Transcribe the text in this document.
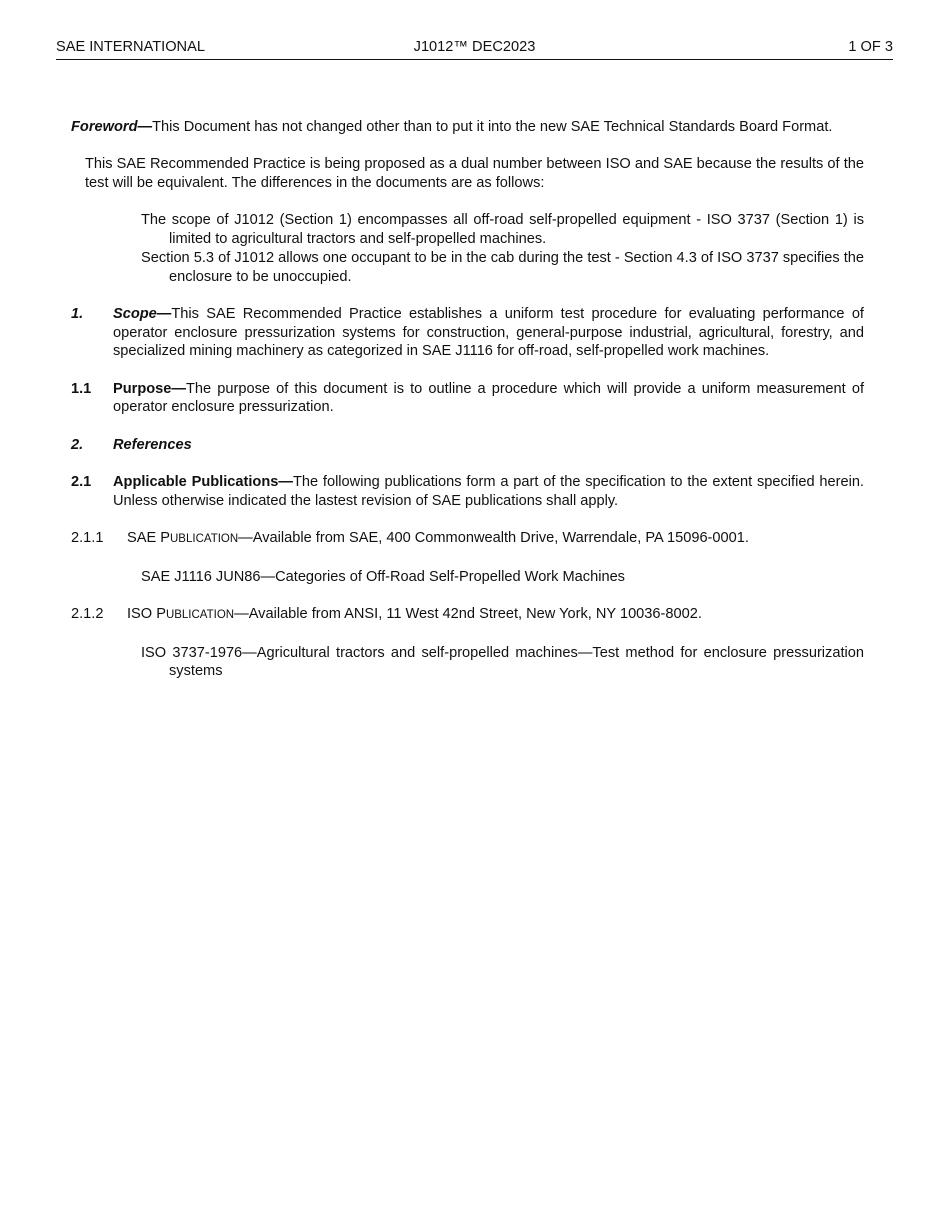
SAE INTERNATIONAL	J1012™ DEC2023	1 OF 3

Foreword—This Document has not changed other than to put it into the new SAE Technical Standards Board Format.

This SAE Recommended Practice is being proposed as a dual number between ISO and SAE because the results of the test will be equivalent. The differences in the documents are as follows:

The scope of J1012 (Section 1) encompasses all off-road self-propelled equipment - ISO 3737 (Section 1) is limited to agricultural tractors and self-propelled machines.
Section 5.3 of J1012 allows one occupant to be in the cab during the test - Section 4.3 of ISO 3737 specifies the enclosure to be unoccupied.
1. Scope—This SAE Recommended Practice establishes a uniform test procedure for evaluating performance of operator enclosure pressurization systems for construction, general-purpose industrial, agricultural, forestry, and specialized mining machinery as categorized in SAE J1116 for off-road, self-propelled work machines.
1.1 Purpose—The purpose of this document is to outline a procedure which will provide a uniform measurement of operator enclosure pressurization.
2. References
2.1 Applicable Publications—The following publications form a part of the specification to the extent specified herein. Unless otherwise indicated the lastest revision of SAE publications shall apply.
2.1.1 SAE PUBLICATION—Available from SAE, 400 Commonwealth Drive, Warrendale, PA 15096-0001.

SAE J1116 JUN86—Categories of Off-Road Self-Propelled Work Machines

2.1.2 ISO PUBLICATION—Available from ANSI, 11 West 42nd Street, New York, NY 10036-8002.

ISO 3737-1976—Agricultural tractors and self-propelled machines—Test method for enclosure pressurization systems
